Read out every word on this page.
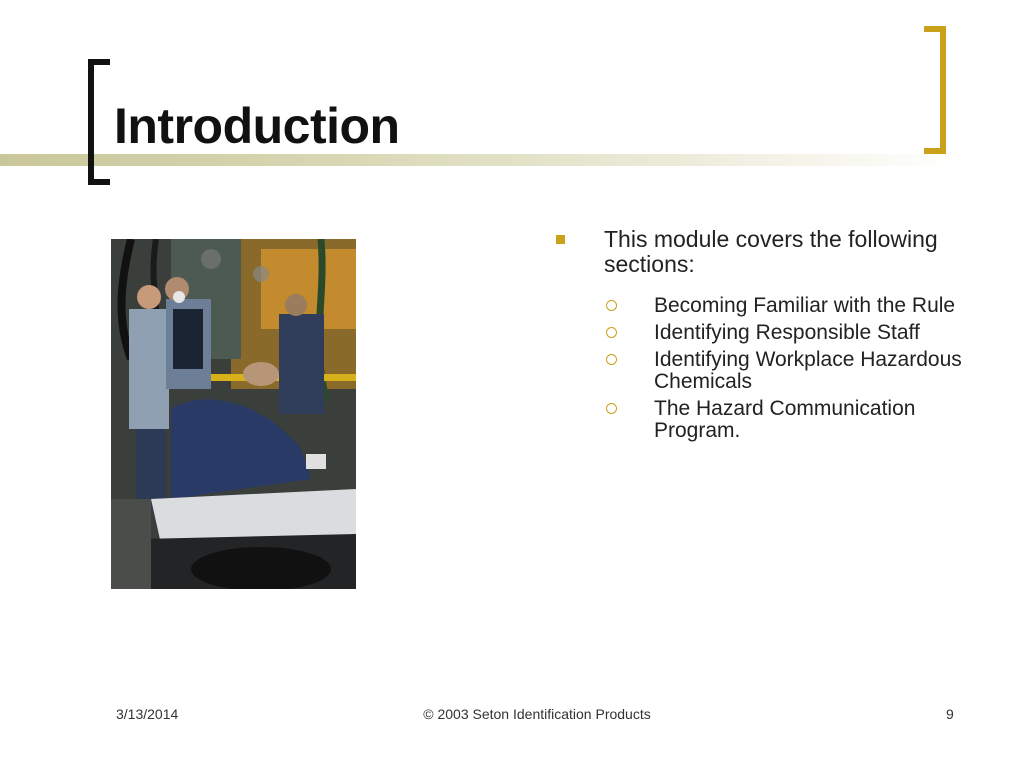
Introduction
This module covers the following sections:
Becoming Familiar with the Rule
Identifying Responsible Staff
Identifying Workplace Hazardous Chemicals
The Hazard Communication Program.
3/13/2014	© 2003 Seton Identification Products	9
